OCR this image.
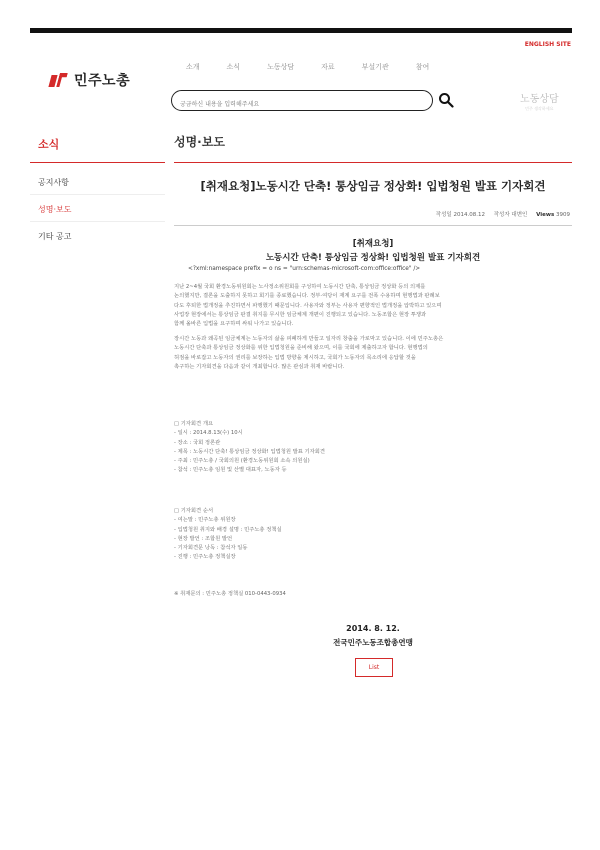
ENGLISH SITE
민주노총
소개	소식	노동상담	자료	부설기관	참여
궁금하신 내용을 입력해주세요
노동상담
민주 생각하세요
소식
공지사항
성명·보도
기타 공고
성명·보도
[취재요청]노동시간 단축! 통상임금 정상화! 입법청원 발표 기자회견
작성일 2014.08.12 작성자 대변인 Views 3909
[취재요청]
노동시간 단축! 통상임금 정상화! 입법청원 발표 기자회견
<?xml:namespace prefix = o ns = "urn:schemas-microsoft-com:office:office" />
지난 2~4월 국회 환경노동위원회는 노사정소위원회를 구성하여 노동시간 단축, 통상임금 정상화 등의 의제를
논의했지만, 결론을 도출하지 못하고 회기를 종료했습니다. 정부·여당이 재계 요구를 전폭 수용하며 현행법과 판례보
다도 후퇴한 법개정을 추진하면서 파행했기 때문입니다. 사용자와 정부는 사용자 편향적인 법개정을 압박하고 있으며
사업장 현장에서는 통상임금 판결 취지를 무시한 임금체계 개편이 진행되고 있습니다. 노동조합은 현장 투쟁과
함께 올바른 입법을 요구하며 싸워 나가고 있습니다.
장시간 노동과 왜곡된 임금체계는 노동자의 삶을 피폐하게 만들고 일자리 창출을 가로막고 있습니다. 이에 민주노총은
노동시간 단축과 통상임금 정상화를 위한 입법청원을 준비해 왔으며, 이를 국회에 제출하고자 합니다. 현행법의
허점을 바로잡고 노동자의 권리를 보장하는 입법 방향을 제시하고, 국회가 노동자의 목소리에 응답할 것을
촉구하는 기자회견을 다음과 같이 개최합니다. 많은 관심과 취재 바랍니다.
□ 기자회견 개요
- 일시 : 2014.8.13(수) 10시
- 장소 : 국회 정론관
- 제목 : 노동시간 단축! 통상임금 정상화! 입법청원 발표 기자회견
- 주최 : 민주노총 / 국회의원 (환경노동위원회 소속 의원실)
- 참석 : 민주노총 임원 및 산별 대표자, 노동자 등
□ 기자회견 순서
- 여는말 : 민주노총 위원장
- 입법청원 취지와 배경 설명 : 민주노총 정책실
- 현장 발언 : 조합원 발언
- 기자회견문 낭독 : 참석자 일동
- 진행 : 민주노총 정책실장
※ 취재문의 : 민주노총 정책실 010-0443-0934
2014. 8. 12.
전국민주노동조합총연맹
List
